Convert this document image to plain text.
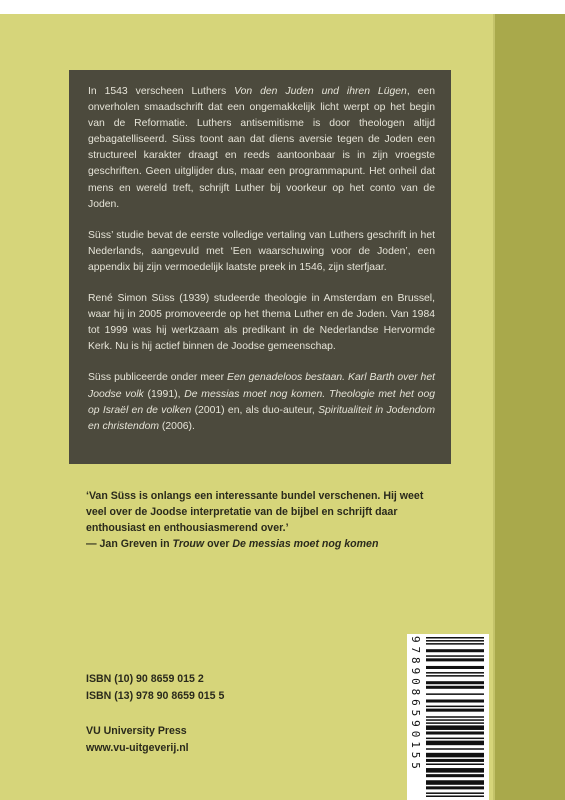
In 1543 verscheen Luthers Von den Juden und ihren Lügen, een onverholen smaadschrift dat een ongemakkelijk licht werpt op het begin van de Reformatie. Luthers antisemitisme is door theologen altijd gebagatelliseerd. Süss toont aan dat diens aversie tegen de Joden een structureel karakter draagt en reeds aantoonbaar is in zijn vroegste geschriften. Geen uitglijder dus, maar een programmapunt. Het onheil dat mens en wereld treft, schrijft Luther bij voorkeur op het conto van de Joden.

Süss’ studie bevat de eerste volledige vertaling van Luthers geschrift in het Nederlands, aangevuld met ‘Een waarschuwing voor de Joden’, een appendix bij zijn vermoedelijk laatste preek in 1546, zijn sterfjaar.

René Simon Süss (1939) studeerde theologie in Amsterdam en Brussel, waar hij in 2005 promoveerde op het thema Luther en de Joden. Van 1984 tot 1999 was hij werkzaam als predikant in de Nederlandse Hervormde Kerk. Nu is hij actief binnen de Joodse gemeenschap.

Süss publiceerde onder meer Een genadeloos bestaan. Karl Barth over het Joodse volk (1991), De messias moet nog komen. Theologie met het oog op Israël en de volken (2001) en, als duo-auteur, Spiritualiteit in Jodendom en christendom (2006).

‘Van Süss is onlangs een interessante bundel verschenen. Hij weet veel over de Joodse interpretatie van de bijbel en schrijft daar enthousiast en enthousiasmerend over.’
— Jan Greven in Trouw over De messias moet nog komen
ISBN (10) 90 8659 015 2
ISBN (13) 978 90 8659 015 5
VU University Press
www.vu-uitgeverij.nl	9789086590155
